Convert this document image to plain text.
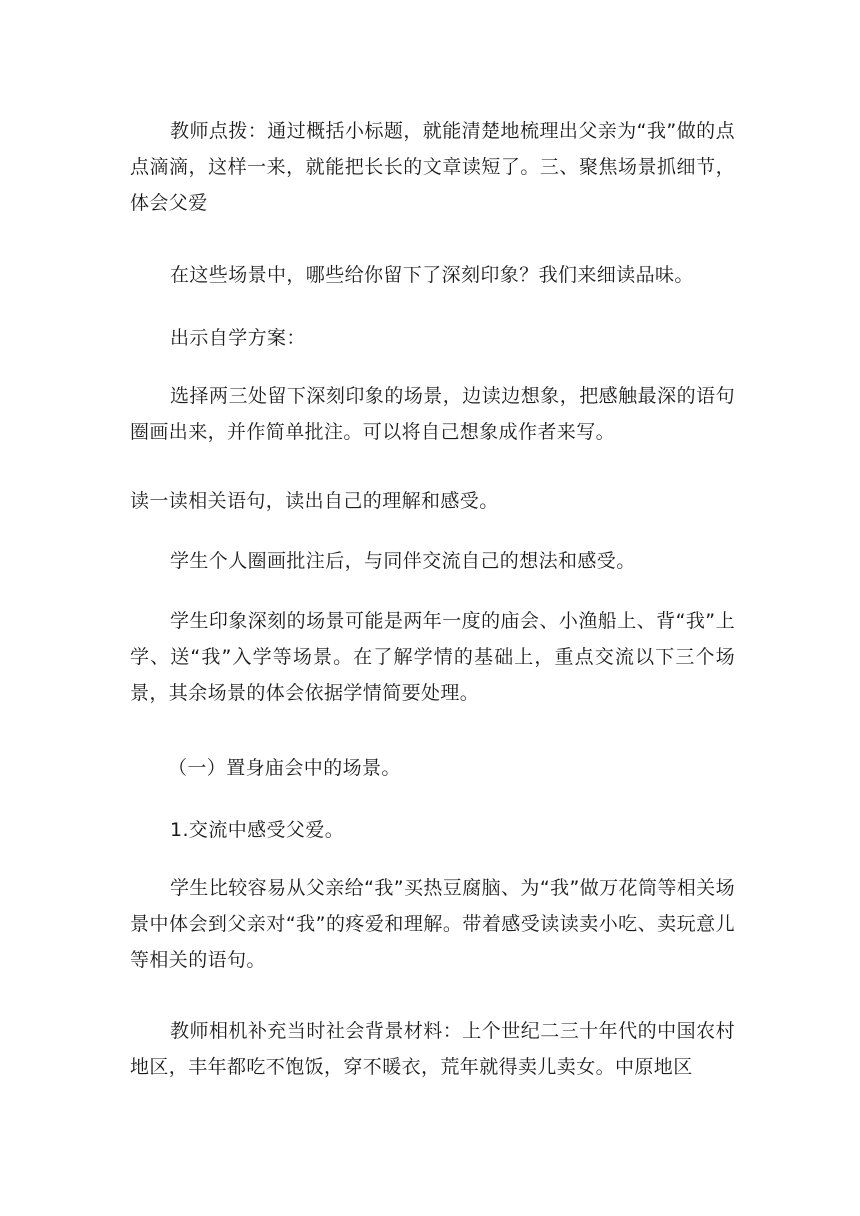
教师点拨：通过概括小标题，就能清楚地梳理出父亲为“我”做的点点滴滴，这样一来，就能把长长的文章读短了。三、聚焦场景抓细节，体会父爱

在这些场景中，哪些给你留下了深刻印象？我们来细读品味。

出示自学方案：

选择两三处留下深刻印象的场景，边读边想象，把感触最深的语句圈画出来，并作简单批注。可以将自己想象成作者来写。

读一读相关语句，读出自己的理解和感受。

学生个人圈画批注后，与同伴交流自己的想法和感受。

学生印象深刻的场景可能是两年一度的庙会、小渔船上、背“我”上学、送“我”入学等场景。在了解学情的基础上，重点交流以下三个场景，其余场景的体会依据学情简要处理。

（一）置身庙会中的场景。

1.交流中感受父爱。

学生比较容易从父亲给“我”买热豆腐脑、为“我”做万花筒等相关场景中体会到父亲对“我”的疼爱和理解。带着感受读读卖小吃、卖玩意儿等相关的语句。

教师相机补充当时社会背景材料：上个世纪二三十年代的中国农村地区，丰年都吃不饱饭，穿不暖衣，荒年就得卖儿卖女。中原地区
